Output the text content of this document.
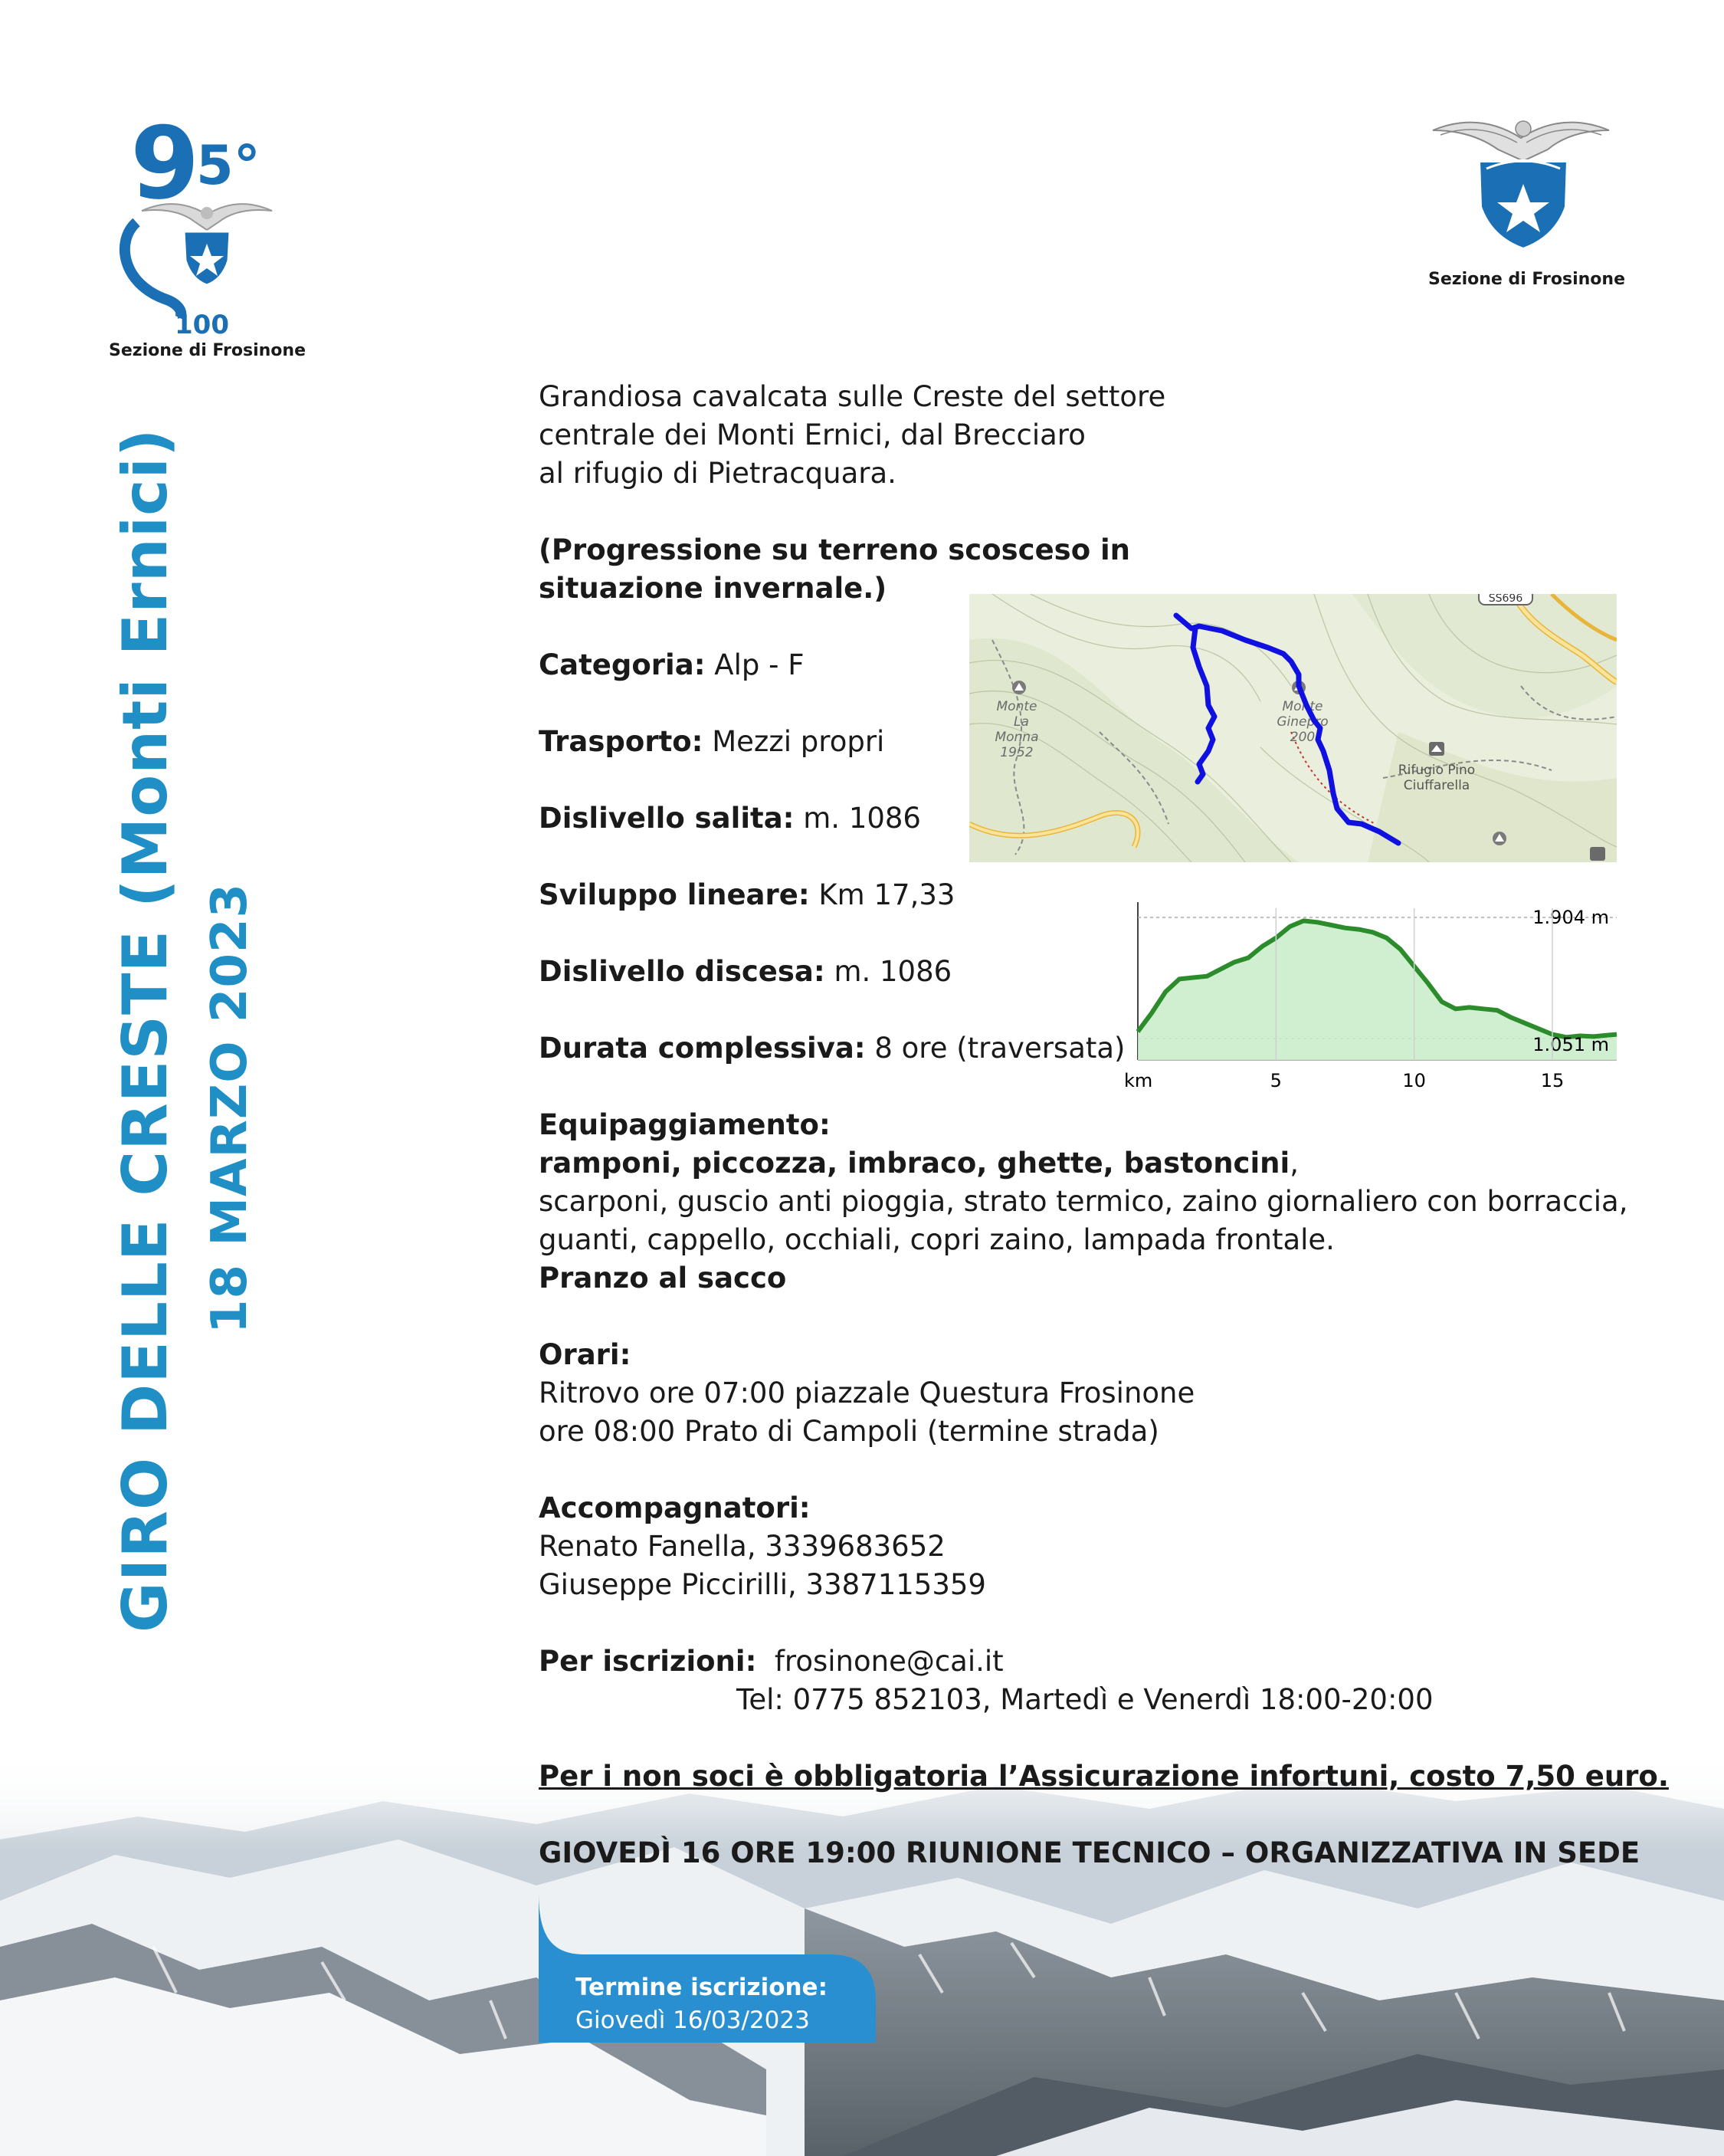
9
5°
100
Sezione di Frosinone
Sezione di Frosinone
GIRO DELLE CRESTE (Monti Ernici) 18 MARZO 2023
SS696
Monte
La
Monna
1952
Monte
Ginepro
200
Rifugio Pino
Ciuffarella
1.904 m
1.051 m
km	5	10	15

Grandiosa cavalcata sulle Creste del settore

centrale dei Monti Ernici, dal Brecciaro

al rifugio di Pietracquara.

(Progressione su terreno scosceso in

situazione invernale.)

Categoria: Alp - F

Trasporto: Mezzi propri

Dislivello salita: m. 1086

Sviluppo lineare: Km 17,33

Dislivello discesa: m. 1086

Durata complessiva: 8 ore (traversata)

Equipaggiamento:

ramponi, piccozza, imbraco, ghette, bastoncini,

scarponi, guscio anti pioggia, strato termico, zaino giornaliero con borraccia,

guanti, cappello, occhiali, copri zaino, lampada frontale.

Pranzo al sacco

Orari:

Ritrovo ore 07:00 piazzale Questura Frosinone

ore 08:00 Prato di Campoli (termine strada)

Accompagnatori:

Renato Fanella, 3339683652

Giuseppe Piccirilli, 3387115359

Per iscrizioni: frosinone@cai.it

Tel: 0775 852103, Martedì e Venerdì 18:00-20:00

Per i non soci è obbligatoria l’Assicurazione infortuni, costo 7,50 euro.

GIOVEDÌ 16 ORE 19:00 RIUNIONE TECNICO – ORGANIZZATIVA IN SEDE

Termine iscrizione:
Giovedì 16/03/2023
